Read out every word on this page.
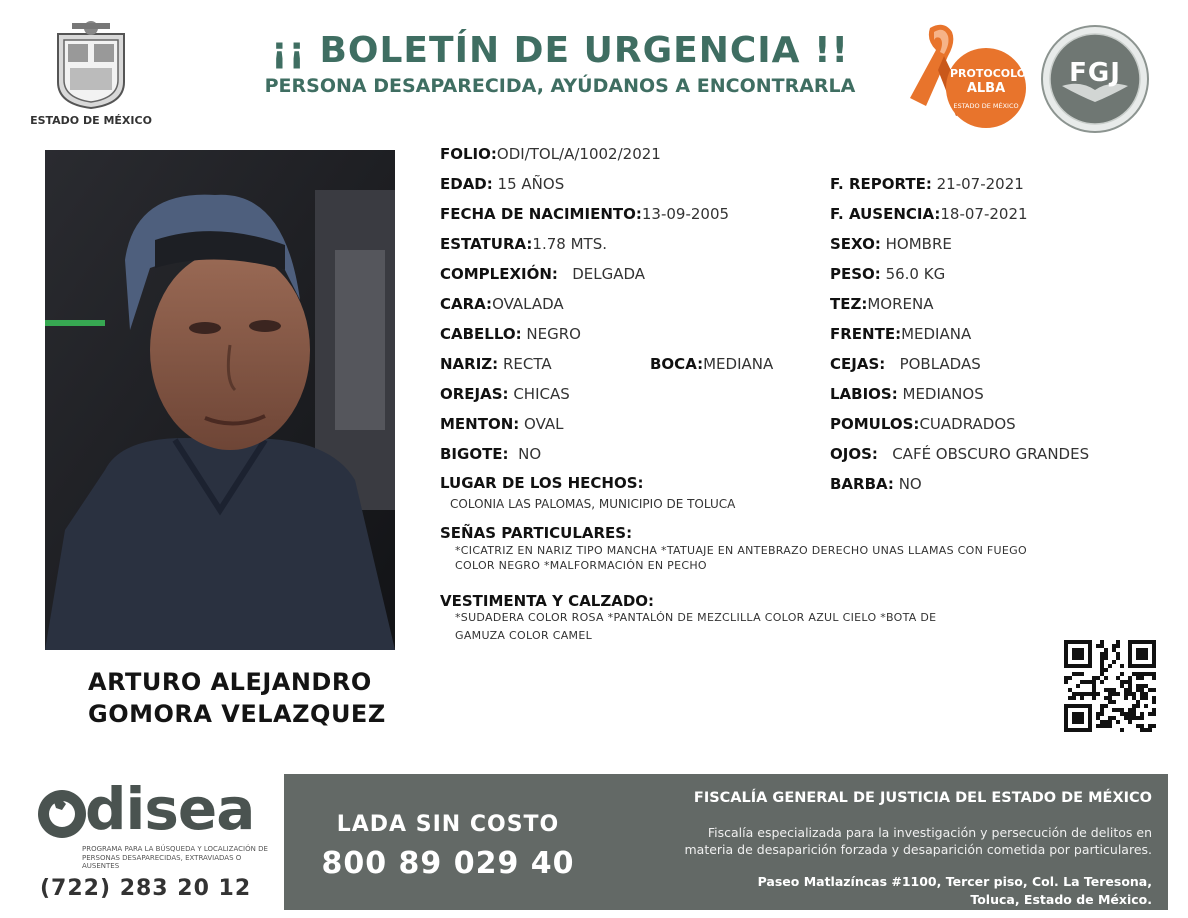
ESTADO DE MÉXICO
¡¡ BOLETÍN DE URGENCIA !!
PERSONA DESAPARECIDA, AYÚDANOS A ENCONTRARLA
PROTOCOLO
ALBA
ESTADO DE MÉXICO
FGJ
ARTURO ALEJANDRO
GOMORA VELAZQUEZ
FOLIO:ODI/TOL/A/1002/2021
EDAD: 15 AÑOS
FECHA DE NACIMIENTO:13-09-2005
ESTATURA:1.78 MTS.
COMPLEXIÓN: DELGADA
CARA:OVALADA
CABELLO: NEGRO
NARIZ: RECTA	BOCA:MEDIANA
OREJAS: CHICAS
MENTON: OVAL
BIGOTE: NO
F. REPORTE: 21-07-2021
F. AUSENCIA:18-07-2021
SEXO: HOMBRE
PESO: 56.0 KG
TEZ:MORENA
FRENTE:MEDIANA
CEJAS: POBLADAS
LABIOS: MEDIANOS
POMULOS:CUADRADOS
OJOS: CAFÉ OBSCURO GRANDES
BARBA: NO
LUGAR DE LOS HECHOS:
COLONIA LAS PALOMAS, MUNICIPIO DE TOLUCA
SEÑAS PARTICULARES:
*CICATRIZ EN NARIZ TIPO MANCHA *TATUAJE EN ANTEBRAZO DERECHO UNAS LLAMAS CON FUEGO
COLOR NEGRO *MALFORMACIÓN EN PECHO
VESTIMENTA Y CALZADO:
*SUDADERA COLOR ROSA *PANTALÓN DE MEZCLILLA COLOR AZUL CIELO *BOTA DE
GAMUZA COLOR CAMEL
disea
PROGRAMA PARA LA BÚSQUEDA Y LOCALIZACIÓN DE PERSONAS DESAPARECIDAS, EXTRAVIADAS O AUSENTES
(722) 283 20 12
LADA SIN COSTO
800 89 029 40
FISCALÍA GENERAL DE JUSTICIA DEL ESTADO DE MÉXICO
Fiscalía especializada para la investigación y persecución de delitos en
materia de desaparición forzada y desaparición cometida por particulares.
Paseo Matlazíncas #1100, Tercer piso, Col. La Teresona,
Toluca, Estado de México.
